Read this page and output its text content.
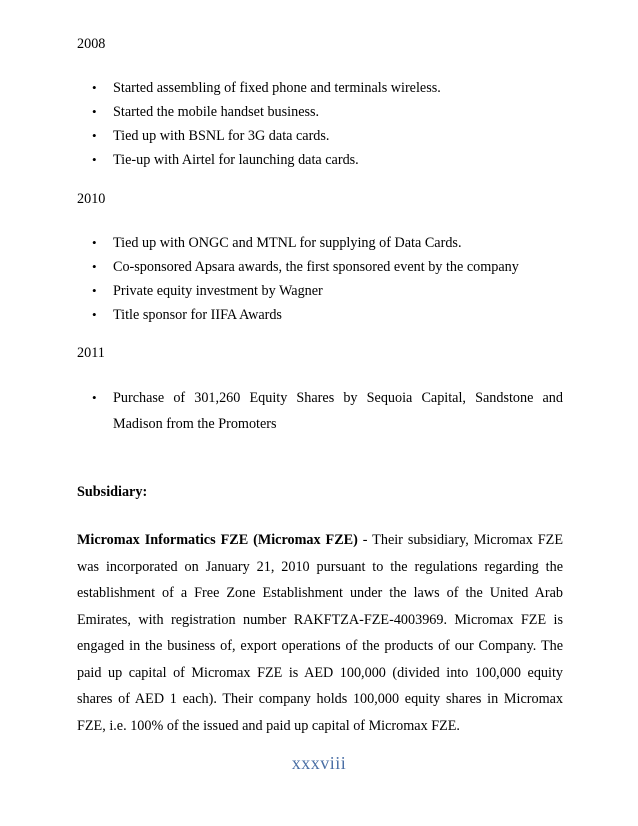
2008

• Started assembling of fixed phone and terminals wireless.
• Started the mobile handset business.
• Tied up with BSNL for 3G data cards.
• Tie-up with Airtel for launching data cards.

2010

• Tied up with ONGC and MTNL for supplying of Data Cards.
• Co-sponsored Apsara awards, the first sponsored event by the company
• Private equity investment by Wagner
• Title sponsor for IIFA Awards

2011

• Purchase of 301,260 Equity Shares by Sequoia Capital, Sandstone and Madison from the Promoters

Subsidiary:

Micromax Informatics FZE (Micromax FZE) - Their subsidiary, Micromax FZE was incorporated on January 21, 2010 pursuant to the regulations regarding the establishment of a Free Zone Establishment under the laws of the United Arab Emirates, with registration number RAKFTZA-FZE-4003969. Micromax FZE is engaged in the business of, export operations of the products of our Company. The paid up capital of Micromax FZE is AED 100,000 (divided into 100,000 equity shares of AED 1 each). Their company holds 100,000 equity shares in Micromax FZE, i.e. 100% of the issued and paid up capital of Micromax FZE.

xxxviii
